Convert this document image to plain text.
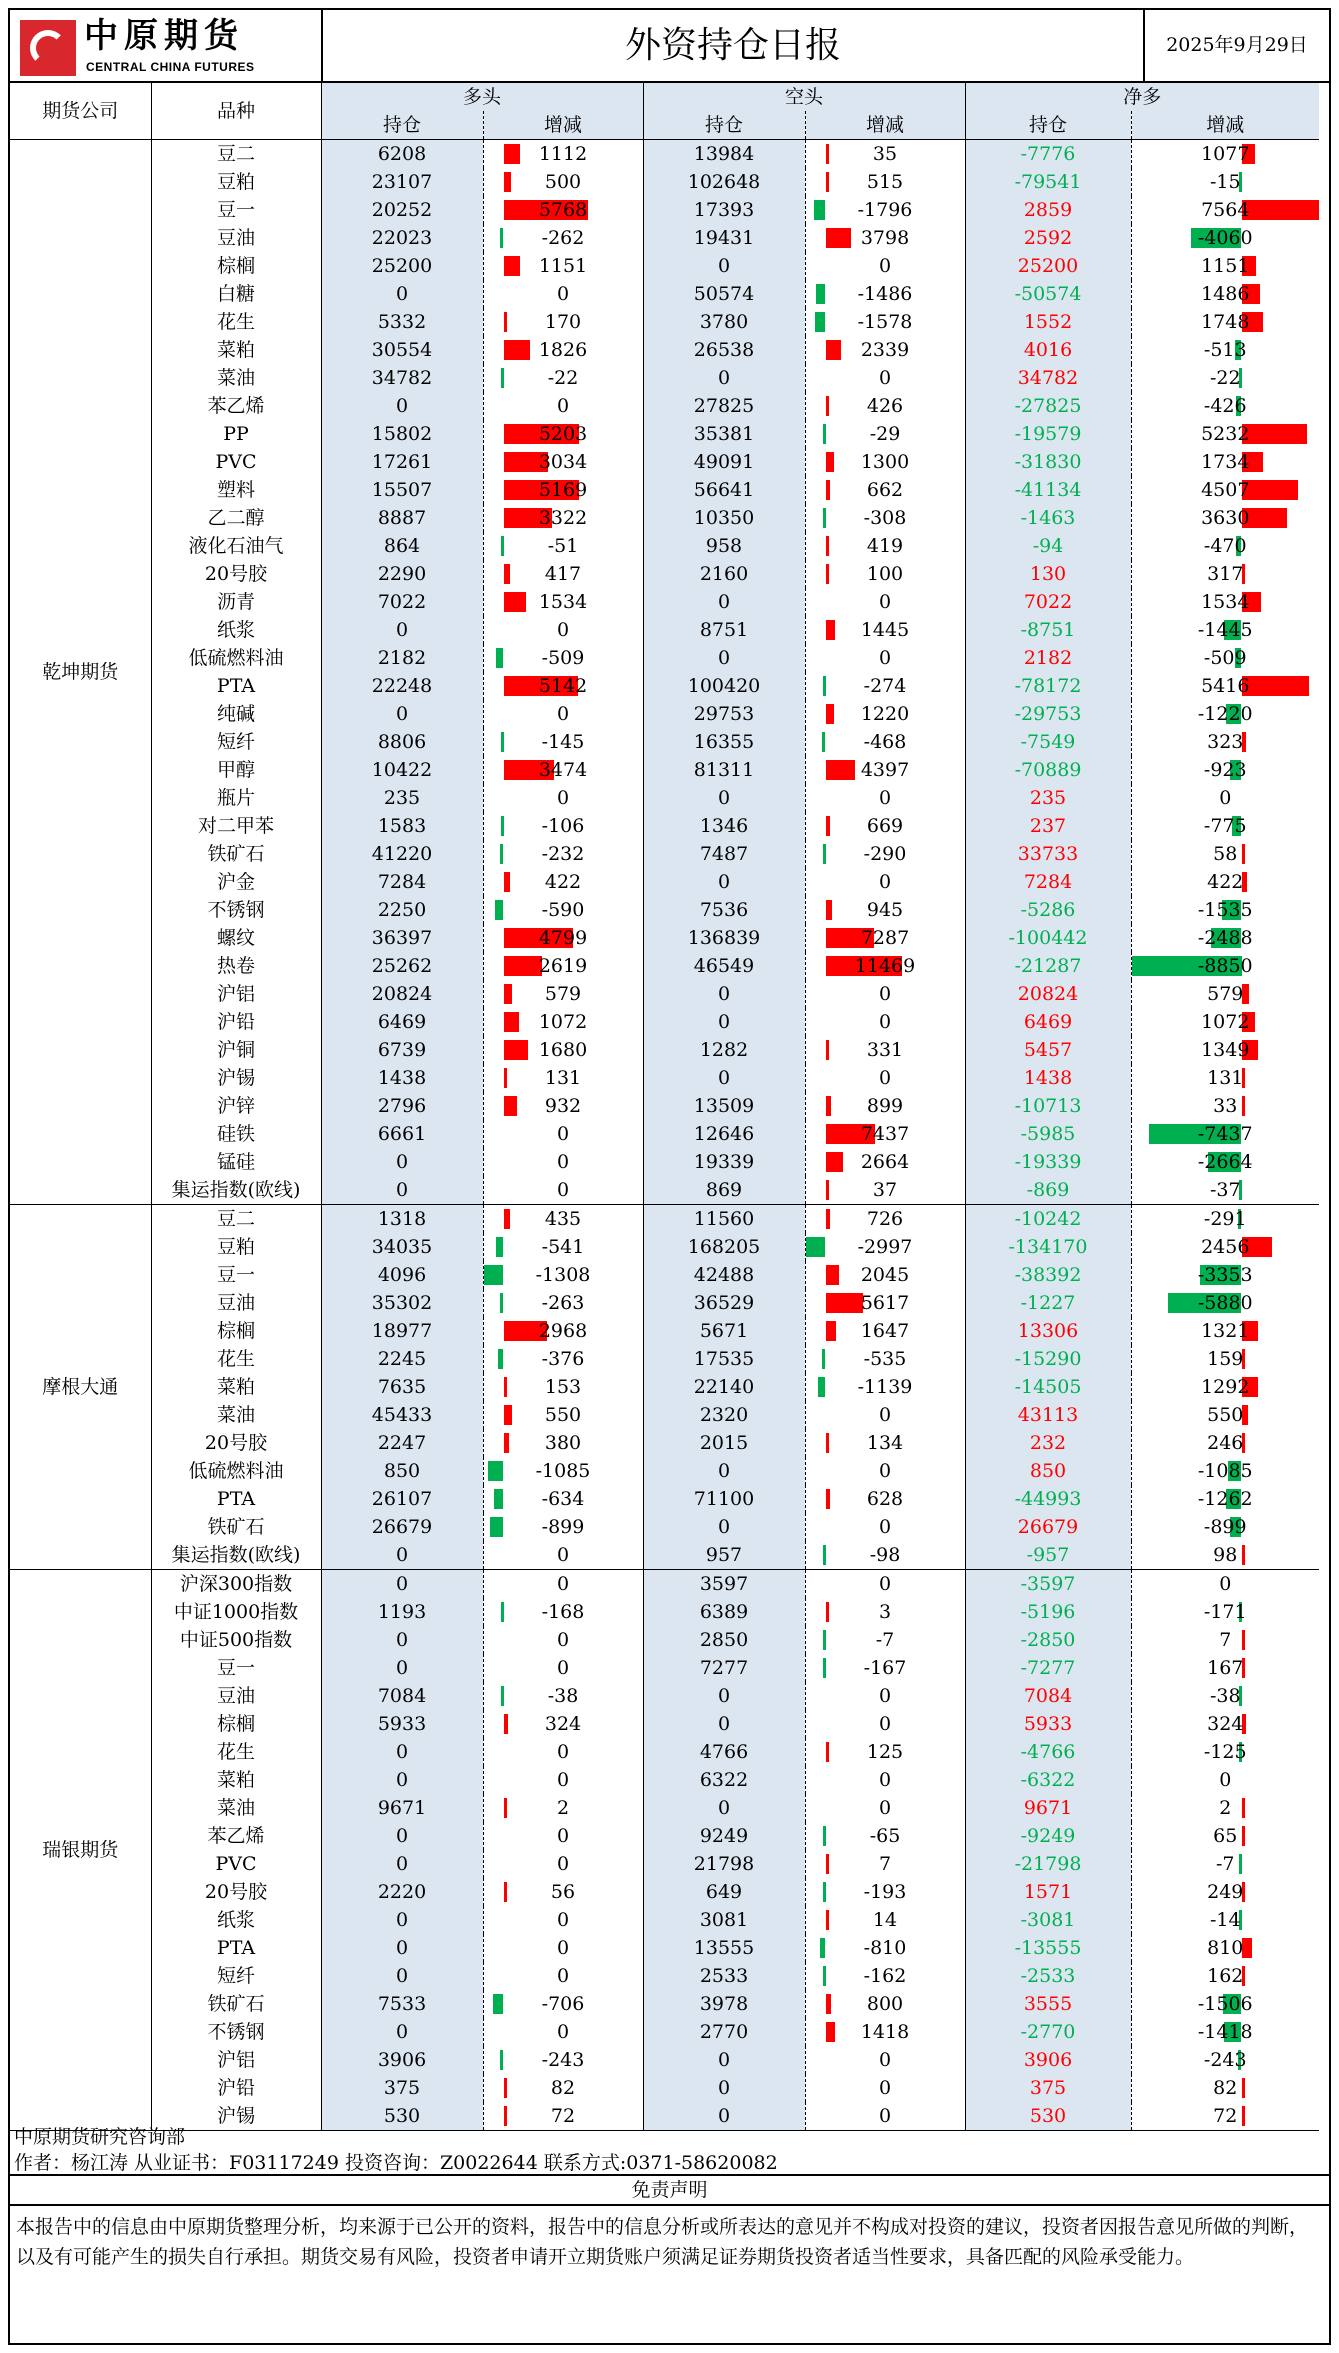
中原期货
CENTRAL CHINA FUTURES
外资持仓日报	2025年9月29日
期货公司	品种	多头		空头		净多	
		持仓	增减	持仓	增减	持仓	增减
乾坤期货	豆二	6208	1112	13984	35	-7776	1077
	豆粕	23107	500	102648	515	-79541	-15
	豆一	20252	5768	17393	-1796	2859	7564
	豆油	22023	-262	19431	3798	2592	-4060
	棕榈	25200	1151	0	0	25200	1151
	白糖	0	0	50574	-1486	-50574	1486
	花生	5332	170	3780	-1578	1552	1748
	菜粕	30554	1826	26538	2339	4016	-513
	菜油	34782	-22	0	0	34782	-22
	苯乙烯	0	0	27825	426	-27825	-426
	PP	15802	5203	35381	-29	-19579	5232
	PVC	17261	3034	49091	1300	-31830	1734
	塑料	15507	5169	56641	662	-41134	4507
	乙二醇	8887	3322	10350	-308	-1463	3630
	液化石油气	864	-51	958	419	-94	-470
	20号胶	2290	417	2160	100	130	317
	沥青	7022	1534	0	0	7022	1534
	纸浆	0	0	8751	1445	-8751	-1445
	低硫燃料油	2182	-509	0	0	2182	-509
	PTA	22248	5142	100420	-274	-78172	5416
	纯碱	0	0	29753	1220	-29753	-1220
	短纤	8806	-145	16355	-468	-7549	323
	甲醇	10422	3474	81311	4397	-70889	-923
	瓶片	235	0	0	0	235	0
	对二甲苯	1583	-106	1346	669	237	-775
	铁矿石	41220	-232	7487	-290	33733	58
	沪金	7284	422	0	0	7284	422
	不锈钢	2250	-590	7536	945	-5286	-1535
	螺纹	36397	4799	136839	7287	-100442	-2488
	热卷	25262	2619	46549	11469	-21287	-8850
	沪铝	20824	579	0	0	20824	579
	沪铅	6469	1072	0	0	6469	1072
	沪铜	6739	1680	1282	331	5457	1349
	沪锡	1438	131	0	0	1438	131
	沪锌	2796	932	13509	899	-10713	33
	硅铁	6661	0	12646	7437	-5985	-7437
	锰硅	0	0	19339	2664	-19339	-2664
	集运指数(欧线)	0	0	869	37	-869	-37
摩根大通	豆二	1318	435	11560	726	-10242	-291
	豆粕	34035	-541	168205	-2997	-134170	2456
	豆一	4096	-1308	42488	2045	-38392	-3353
	豆油	35302	-263	36529	5617	-1227	-5880
	棕榈	18977	2968	5671	1647	13306	1321
	花生	2245	-376	17535	-535	-15290	159
	菜粕	7635	153	22140	-1139	-14505	1292
	菜油	45433	550	2320	0	43113	550
	20号胶	2247	380	2015	134	232	246
	低硫燃料油	850	-1085	0	0	850	-1085
	PTA	26107	-634	71100	628	-44993	-1262
	铁矿石	26679	-899	0	0	26679	-899
	集运指数(欧线)	0	0	957	-98	-957	98
瑞银期货	沪深300指数	0	0	3597	0	-3597	0
	中证1000指数	1193	-168	6389	3	-5196	-171
	中证500指数	0	0	2850	-7	-2850	7
	豆一	0	0	7277	-167	-7277	167
	豆油	7084	-38	0	0	7084	-38
	棕榈	5933	324	0	0	5933	324
	花生	0	0	4766	125	-4766	-125
	菜粕	0	0	6322	0	-6322	0
	菜油	9671	2	0	0	9671	2
	苯乙烯	0	0	9249	-65	-9249	65
	PVC	0	0	21798	7	-21798	-7
	20号胶	2220	56	649	-193	1571	249
	纸浆	0	0	3081	14	-3081	-14
	PTA	0	0	13555	-810	-13555	810
	短纤	0	0	2533	-162	-2533	162
	铁矿石	7533	-706	3978	800	3555	-1506
	不锈钢	0	0	2770	1418	-2770	-1418
	沪铝	3906	-243	0	0	3906	-243
	沪铅	375	82	0	0	375	82
	沪锡	530	72	0	0	530	72
中原期货研究咨询部
作者：杨江涛 从业证书：F03117249 投资咨询：Z0022644 联系方式:0371-58620082
免责声明
本报告中的信息由中原期货整理分析，均来源于已公开的资料，报告中的信息分析或所表达的意见并不构成对投资的建议，投资者因报告意见所做的判断，以及有可能产生的损失自行承担。期货交易有风险，投资者申请开立期货账户须满足证券期货投资者适当性要求，具备匹配的风险承受能力。
